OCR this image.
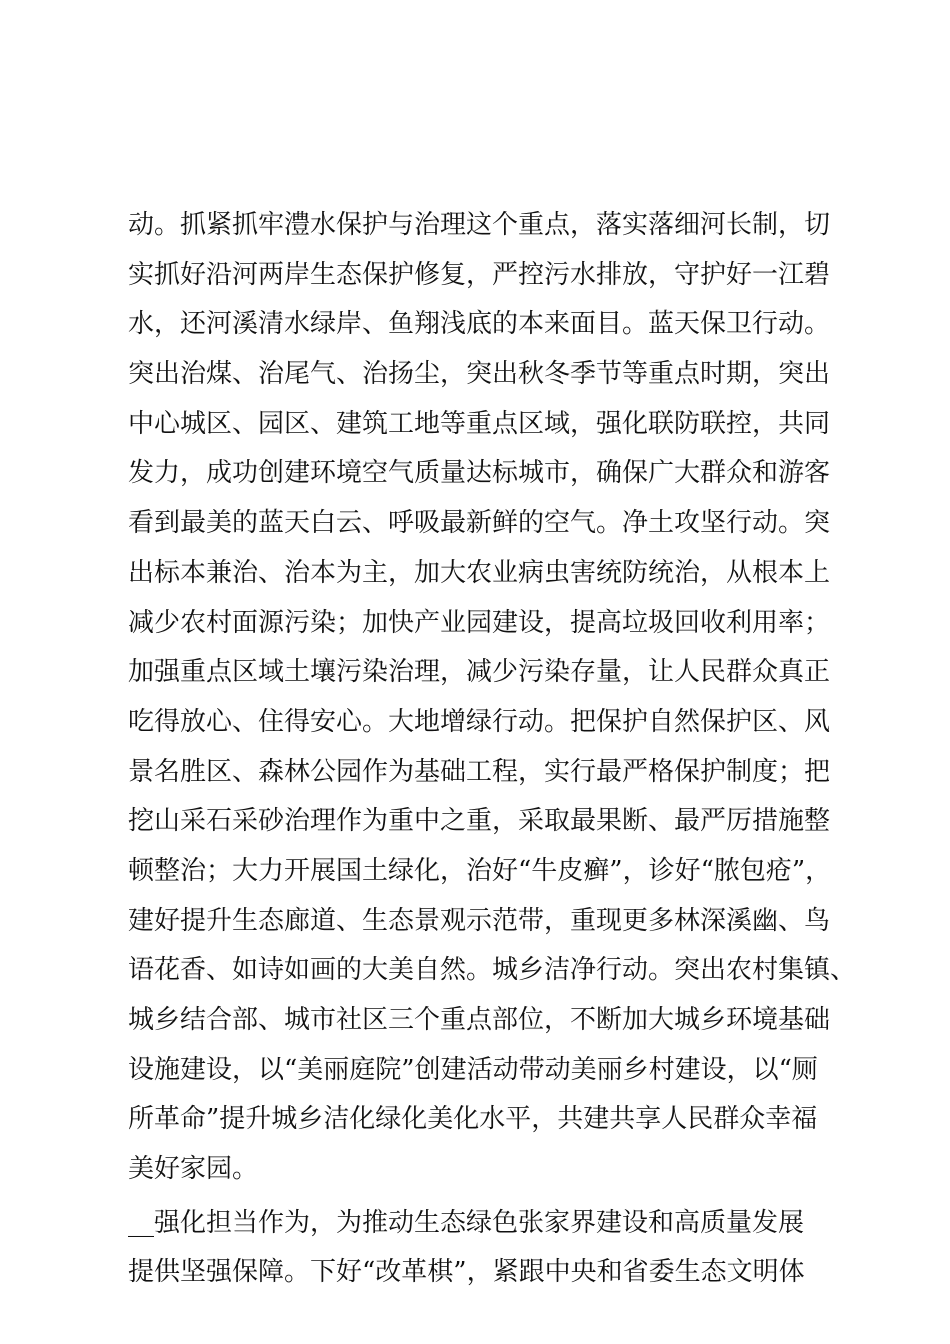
动。抓紧抓牢澧水保护与治理这个重点，落实落细河长制，切
实抓好沿河两岸生态保护修复，严控污水排放，守护好一江碧
水，还河溪清水绿岸、鱼翔浅底的本来面目。蓝天保卫行动。
突出治煤、治尾气、治扬尘，突出秋冬季节等重点时期，突出
中心城区、园区、建筑工地等重点区域，强化联防联控，共同
发力，成功创建环境空气质量达标城市，确保广大群众和游客
看到最美的蓝天白云、呼吸最新鲜的空气。净土攻坚行动。突
出标本兼治、治本为主，加大农业病虫害统防统治，从根本上
减少农村面源污染；加快产业园建设，提高垃圾回收利用率；
加强重点区域土壤污染治理，减少污染存量，让人民群众真正
吃得放心、住得安心。大地增绿行动。把保护自然保护区、风
景名胜区、森林公园作为基础工程，实行最严格保护制度；把
挖山采石采砂治理作为重中之重，采取最果断、最严厉措施整
顿整治；大力开展国土绿化，治好“牛皮癣”，诊好“脓包疮”，
建好提升生态廊道、生态景观示范带，重现更多林深溪幽、鸟
语花香、如诗如画的大美自然。城乡洁净行动。突出农村集镇、
城乡结合部、城市社区三个重点部位，不断加大城乡环境基础
设施建设，以“美丽庭院”创建活动带动美丽乡村建设，以“厕
所革命”提升城乡洁化绿化美化水平，共建共享人民群众幸福
美好家园。
__强化担当作为，为推动生态绿色张家界建设和高质量发展
提供坚强保障。下好“改革棋”，紧跟中央和省委生态文明体
